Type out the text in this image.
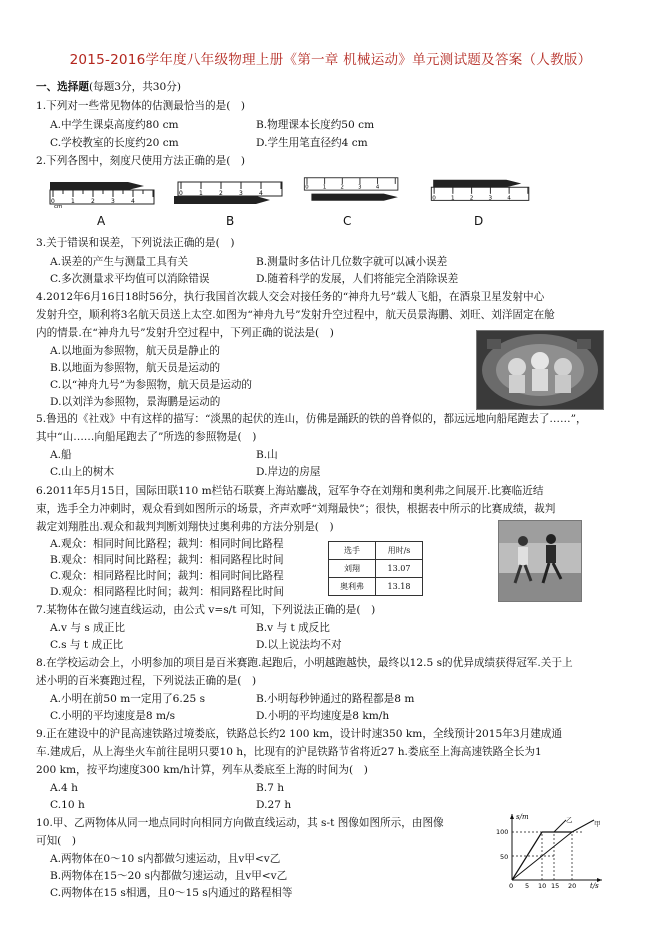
2015-2016学年度八年级物理上册《第一章 机械运动》单元测试题及答案（人教版）
一、选择题(每题3分，共30分)
1.下列对一些常见物体的估测最恰当的是(　)
A.中学生课桌高度约80 cm	B.物理课本长度约50 cm
C.学校教室的长度约20 cm	D.学生用笔直径约4 cm
2.下列各图中，刻度尺使用方法正确的是(　)
0	1	2	3	4
cm
A
0	1	2	3	4
B
0 1 2 3 4
C
0	1	2	3	4
D
3.关于错误和误差，下列说法正确的是(　)
A.误差的产生与测量工具有关	B.测量时多估计几位数字就可以减小误差
C.多次测量求平均值可以消除错误	D.随着科学的发展，人们将能完全消除误差
4.2012年6月16日18时56分，执行我国首次载人交会对接任务的“神舟九号”载人飞船，在酒泉卫星发射中心
发射升空，顺利将3名航天员送上太空.如图为“神舟九号”发射升空过程中，航天员景海鹏、刘旺、刘洋固定在舱
内的情景.在“神舟九号”发射升空过程中，下列正确的说法是(　)
A.以地面为参照物，航天员是静止的
B.以地面为参照物，航天员是运动的
C.以“神舟九号”为参照物，航天员是运动的
D.以刘洋为参照物，景海鹏是运动的
5.鲁迅的《社戏》中有这样的描写：“淡黑的起伏的连山，仿佛是踊跃的铁的兽脊似的，都远远地向船尾跑去了……”，
其中“山……向船尾跑去了”所选的参照物是(　)
A.船	B.山
C.山上的树木	D.岸边的房屋
6.2011年5月15日，国际田联110 m栏钻石联赛上海站鏖战，冠军争夺在刘翔和奥利弗之间展开.比赛临近结
束，选手全力冲刺时，观众看到如图所示的场景，齐声欢呼“刘翔最快”；很快，根据表中所示的比赛成绩，裁判
裁定刘翔胜出.观众和裁判判断刘翔快过奥利弗的方法分别是(　)
A.观众：相同时间比路程；裁判：相同时间比路程
B.观众：相同时间比路程；裁判：相同路程比时间
C.观众：相同路程比时间；裁判：相同时间比路程
D.观众：相同路程比时间；裁判：相同路程比时间
选手	用时/s
刘翔	13.07
奥利弗	13.18
7.某物体在做匀速直线运动，由公式 v=s/t 可知，下列说法正确的是(　)
A.v 与 s 成正比	B.v 与 t 成反比
C.s 与 t 成正比	D.以上说法均不对
8.在学校运动会上，小明参加的项目是百米赛跑.起跑后，小明越跑越快，最终以12.5 s的优异成绩获得冠军.关于上
述小明的百米赛跑过程，下列说法正确的是(　)
A.小明在前50 m一定用了6.25 s	B.小明每秒钟通过的路程都是8 m
C.小明的平均速度是8 m/s	D.小明的平均速度是8 km/h
9.正在建设中的沪昆高速铁路过境娄底，铁路总长约2 100 km，设计时速350 km，全线预计2015年3月建成通
车.建成后，从上海坐火车前往昆明只要10 h，比现有的沪昆铁路节省将近27 h.娄底至上海高速铁路全长为1
200 km，按平均速度300 km/h计算，列车从娄底至上海的时间为(　)
A.4 h	B.7 h
C.10 h	D.27 h
10.甲、乙两物体从同一地点同时向相同方向做直线运动，其 s-t 图像如图所示，由图像
可知(　)
A.两物体在0～10 s内都做匀速运动，且v甲<v乙
B.两物体在15～20 s内都做匀速运动，且v甲<v乙
C.两物体在15 s相遇，且0～15 s内通过的路程相等
s/m
t/s
100
50
甲
乙
0 5 10 15 20
